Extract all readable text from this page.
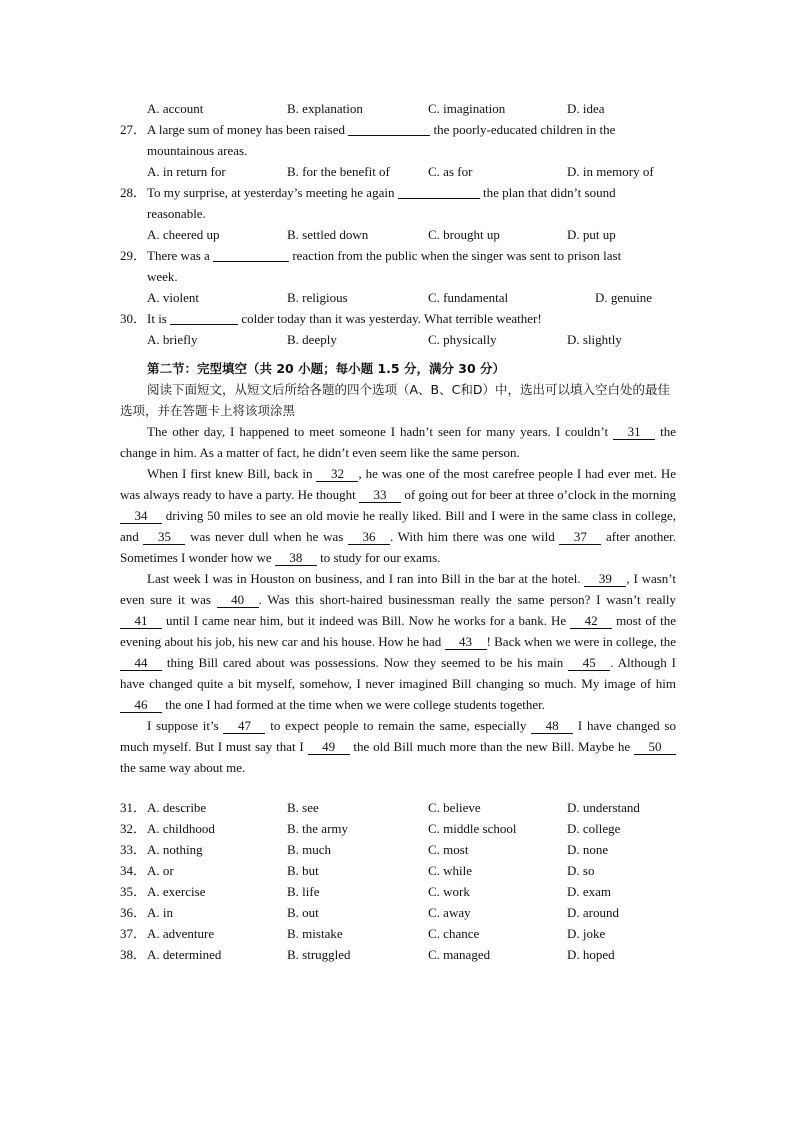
A. account	B. explanation	C. imagination	D. idea
27．A large sum of money has been raised	the poorly-educated children in the
mountainous areas.
A. in return for	B. for the benefit of	C. as for	D. in memory of
28．To my surprise, at yesterday’s meeting he again	the plan that didn’t sound
reasonable.
A. cheered up	B. settled down	C. brought up	D. put up
29．There was a	reaction from the public when the singer was sent to prison last
week.
A. violent	B. religious	C. fundamental	D. genuine
30．It is	colder today than it was yesterday. What terrible weather!
A. briefly	B. deeply	C. physically	D. slightly
第二节：完型填空（共 20 小题；每小题 1.5 分，满分 30 分）
阅读下面短文，从短文后所给各题的四个选项（A、B、C和D）中，选出可以填入空白处的最佳选项，并在答题卡上将该项涂黑
The other day, I happened to meet someone I hadn’t seen for many years. I couldn’t 31 the change in him. As a matter of fact, he didn’t even seem like the same person.
When I first knew Bill, back in 32 , he was one of the most carefree people I had ever met. He was always ready to have a party. He thought 33 of going out for beer at three o’clock in the morning 34 driving 50 miles to see an old movie he really liked. Bill and I were in the same class in college, and 35 was never dull when he was 36 . With him there was one wild 37 after another. Sometimes I wonder how we 38 to study for our exams.
Last week I was in Houston on business, and I ran into Bill in the bar at the hotel. 39 , I wasn’t even sure it was 40 . Was this short-haired businessman really the same person? I wasn’t really 41 until I came near him, but it indeed was Bill. Now he works for a bank. He 42 most of the evening about his job, his new car and his house. How he had 43 ! Back when we were in college, the 44 thing Bill cared about was possessions. Now they seemed to be his main 45 . Although I have changed quite a bit myself, somehow, I never imagined Bill changing so much. My image of him 46 the one I had formed at the time when we were college students together.
I suppose it’s 47 to expect people to remain the same, especially 48 I have changed so much myself. But I must say that I 49 the old Bill much more than the new Bill. Maybe he 50 the same way about me.
31． A. describe	B. see	C. believe	D. understand
32． A. childhood	B. the army	C. middle school	D. college
33． A. nothing	B. much	C. most	D. none
34． A. or	B. but	C. while	D. so
35． A. exercise	B. life	C. work	D. exam
36． A. in	B. out	C. away	D. around
37． A. adventure	B. mistake	C. chance	D. joke
38． A. determined	B. struggled	C. managed	D. hoped
